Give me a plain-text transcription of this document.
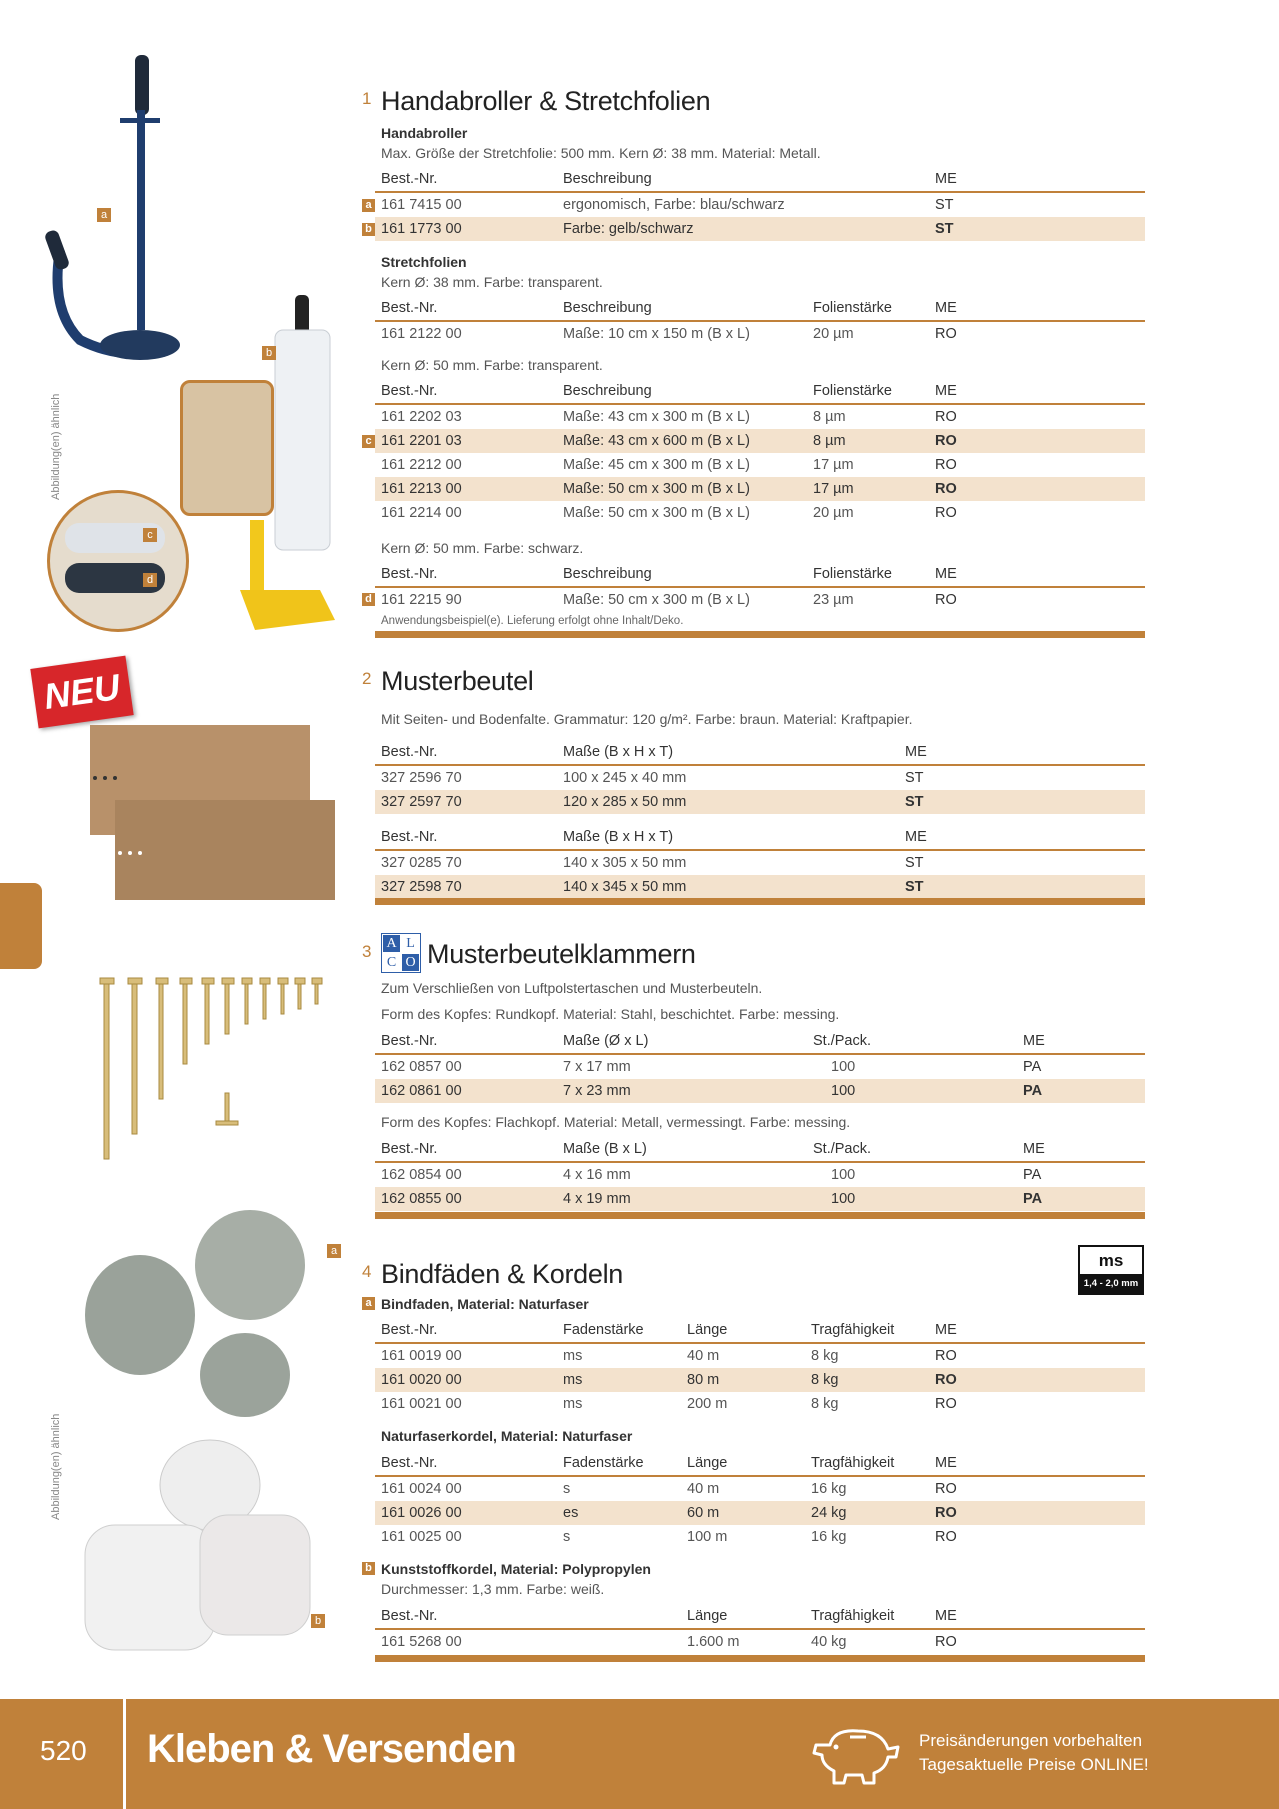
a
b
c
d
Abbildung(en) ähnlich
NEU
a
b
Abbildung(en) ähnlich
1 Handabroller & Stretchfolien
Handabroller
Max. Größe der Stretchfolie: 500 mm. Kern Ø: 38 mm. Material: Metall.
Best.-Nr.	Beschreibung	ME
161 7415 00	ergonomisch, Farbe: blau/schwarz	ST
161 1773 00	Farbe: gelb/schwarz	ST
a
b
Stretchfolien
Kern Ø: 38 mm. Farbe: transparent.
Best.-Nr.	Beschreibung	Folienstärke	ME
161 2122 00	Maße: 10 cm x 150 m (B x L)	20 µm	RO
Kern Ø: 50 mm. Farbe: transparent.
Best.-Nr.	Beschreibung	Folienstärke	ME
161 2202 03	Maße: 43 cm x 300 m (B x L)	8 µm	RO
161 2201 03	Maße: 43 cm x 600 m (B x L)	8 µm	RO
161 2212 00	Maße: 45 cm x 300 m (B x L)	17 µm	RO
161 2213 00	Maße: 50 cm x 300 m (B x L)	17 µm	RO
161 2214 00	Maße: 50 cm x 300 m (B x L)	20 µm	RO
c
Kern Ø: 50 mm. Farbe: schwarz.
Best.-Nr.	Beschreibung	Folienstärke	ME
161 2215 90	Maße: 50 cm x 300 m (B x L)	23 µm	RO
d
Anwendungsbeispiel(e). Lieferung erfolgt ohne Inhalt/Deko.
2 Musterbeutel
Mit Seiten- und Bodenfalte. Grammatur: 120 g/m². Farbe: braun. Material: Kraftpapier.
Best.-Nr.	Maße (B x H x T)	ME
327 2596 70	100 x 245 x 40 mm	ST
327 2597 70	120 x 285 x 50 mm	ST
Best.-Nr.	Maße (B x H x T)	ME
327 0285 70	140 x 305 x 50 mm	ST
327 2598 70	140 x 345 x 50 mm	ST
3 A L
C O Musterbeutelklammern
Zum Verschließen von Luftpolstertaschen und Musterbeuteln.
Form des Kopfes: Rundkopf. Material: Stahl, beschichtet. Farbe: messing.
Best.-Nr.	Maße (Ø x L)	St./Pack.	ME
162 0857 00	7 x 17 mm	100	PA
162 0861 00	7 x 23 mm	100	PA
Form des Kopfes: Flachkopf. Material: Metall, vermessingt. Farbe: messing.
Best.-Nr.	Maße (B x L)	St./Pack.	ME
162 0854 00	4 x 16 mm	100	PA
162 0855 00	4 x 19 mm	100	PA
ms
1,4 - 2,0 mm
4 Bindfäden & Kordeln
a Bindfaden, Material: Naturfaser
Best.-Nr.	Fadenstärke	Länge	Tragfähigkeit	ME
161 0019 00	ms	40 m	8 kg	RO
161 0020 00	ms	80 m	8 kg	RO
161 0021 00	ms	200 m	8 kg	RO
Naturfaserkordel, Material: Naturfaser
Best.-Nr.	Fadenstärke	Länge	Tragfähigkeit	ME
161 0024 00	s	40 m	16 kg	RO
161 0026 00	es	60 m	24 kg	RO
161 0025 00	s	100 m	16 kg	RO
b Kunststoffkordel, Material: Polypropylen
Durchmesser: 1,3 mm. Farbe: weiß.
Best.-Nr.		Länge	Tragfähigkeit	ME
161 5268 00		1.600 m	40 kg	RO
520 Kleben & Versenden	Preisänderungen vorbehalten
Tagesaktuelle Preise ONLINE!
